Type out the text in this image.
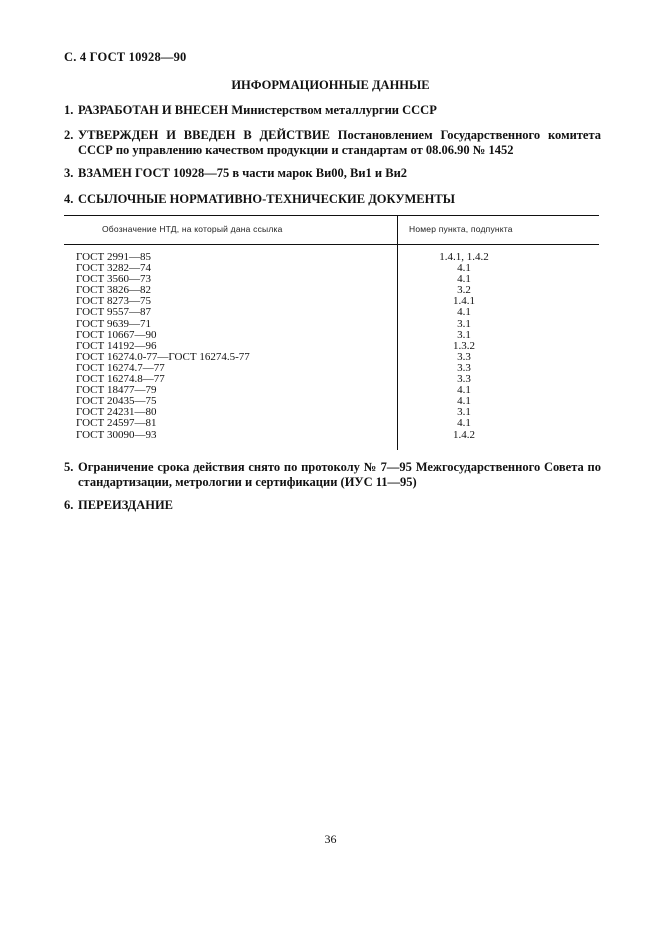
С. 4 ГОСТ 10928—90
ИНФОРМАЦИОННЫЕ ДАННЫЕ
1. РАЗРАБОТАН И ВНЕСЕН Министерством металлургии СССР
2. УТВЕРЖДЕН И ВВЕДЕН В ДЕЙСТВИЕ Постановлением Государственного комитета СССР по управлению качеством продукции и стандартам от 08.06.90 № 1452
3. ВЗАМЕН ГОСТ 10928—75 в части марок Ви00, Ви1 и Ви2
4. ССЫЛОЧНЫЕ НОРМАТИВНО-ТЕХНИЧЕСКИЕ ДОКУМЕНТЫ
Обозначение НТД, на который дана ссылка	Номер пункта, подпункта
ГОСТ 2991—85	1.4.1, 1.4.2
ГОСТ 3282—74	4.1
ГОСТ 3560—73	4.1
ГОСТ 3826—82	3.2
ГОСТ 8273—75	1.4.1
ГОСТ 9557—87	4.1
ГОСТ 9639—71	3.1
ГОСТ 10667—90	3.1
ГОСТ 14192—96	1.3.2
ГОСТ 16274.0-77—ГОСТ 16274.5-77	3.3
ГОСТ 16274.7—77	3.3
ГОСТ 16274.8—77	3.3
ГОСТ 18477—79	4.1
ГОСТ 20435—75	4.1
ГОСТ 24231—80	3.1
ГОСТ 24597—81	4.1
ГОСТ 30090—93	1.4.2
5. Ограничение срока действия снято по протоколу № 7—95 Межгосударственного Совета по стандартизации, метрологии и сертификации (ИУС 11—95)
6. ПЕРЕИЗДАНИЕ
36
